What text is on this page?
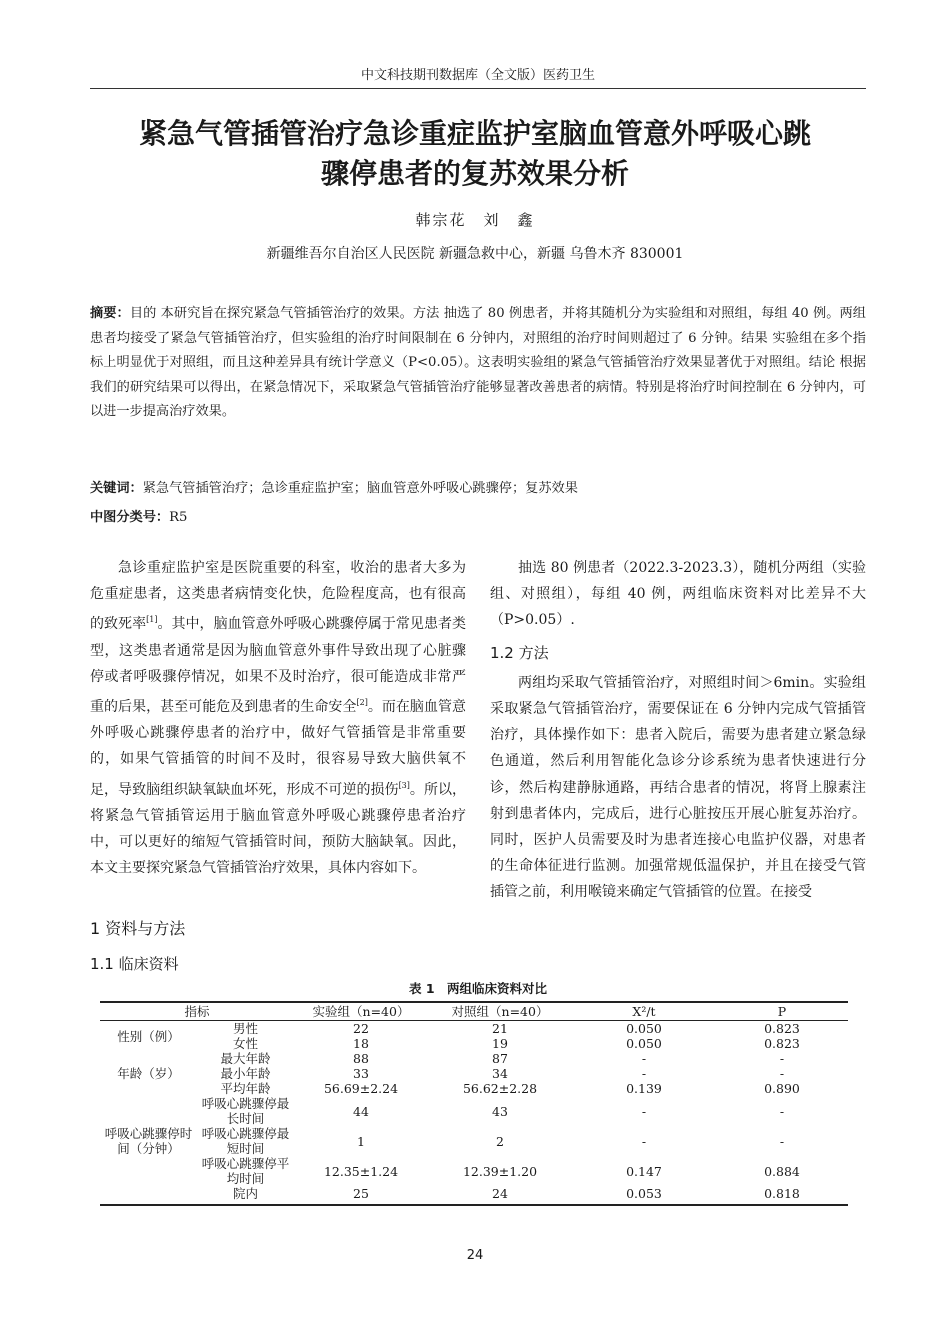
中文科技期刊数据库（全文版）医药卫生
紧急气管插管治疗急诊重症监护室脑血管意外呼吸心跳
骤停患者的复苏效果分析
韩宗花　刘　鑫
新疆维吾尔自治区人民医院 新疆急救中心，新疆 乌鲁木齐 830001
摘要：目的 本研究旨在探究紧急气管插管治疗的效果。方法 抽选了 80 例患者，并将其随机分为实验组和对照组，每组 40 例。两组患者均接受了紧急气管插管治疗，但实验组的治疗时间限制在 6 分钟内，对照组的治疗时间则超过了 6 分钟。结果 实验组在多个指标上明显优于对照组，而且这种差异具有统计学意义（P<0.05）。这表明实验组的紧急气管插管治疗效果显著优于对照组。结论 根据我们的研究结果可以得出，在紧急情况下，采取紧急气管插管治疗能够显著改善患者的病情。特别是将治疗时间控制在 6 分钟内，可以进一步提高治疗效果。
关键词：紧急气管插管治疗；急诊重症监护室；脑血管意外呼吸心跳骤停；复苏效果
中图分类号：R5

急诊重症监护室是医院重要的科室，收治的患者大多为危重症患者，这类患者病情变化快，危险程度高，也有很高的致死率[1]。其中，脑血管意外呼吸心跳骤停属于常见患者类型，这类患者通常是因为脑血管意外事件导致出现了心脏骤停或者呼吸骤停情况，如果不及时治疗，很可能造成非常严重的后果，甚至可能危及到患者的生命安全[2]。而在脑血管意外呼吸心跳骤停患者的治疗中，做好气管插管是非常重要的，如果气管插管的时间不及时，很容易导致大脑供氧不足，导致脑组织缺氧缺血坏死，形成不可逆的损伤[3]。所以，将紧急气管插管运用于脑血管意外呼吸心跳骤停患者治疗中，可以更好的缩短气管插管时间，预防大脑缺氧。因此，本文主要探究紧急气管插管治疗效果，具体内容如下。

1 资料与方法
1.1 临床资料

抽选 80 例患者（2022.3-2023.3），随机分两组（实验组、对照组），每组 40 例，两组临床资料对比差异不大（P>0.05）.

1.2 方法

两组均采取气管插管治疗，对照组时间＞6min。实验组采取紧急气管插管治疗，需要保证在 6 分钟内完成气管插管治疗，具体操作如下：患者入院后，需要为患者建立紧急绿色通道，然后利用智能化急诊分诊系统为患者快速进行分诊，然后构建静脉通路，再结合患者的情况，将肾上腺素注射到患者体内，完成后，进行心脏按压开展心脏复苏治疗。同时，医护人员需要及时为患者连接心电监护仪器，对患者的生命体征进行监测。加强常规低温保护，并且在接受气管插管之前，利用喉镜来确定气管插管的位置。在接受

表 1　两组临床资料对比
指标		实验组（n=40）	对照组（n=40）	X²/t	P
性别（例）	男性	22	21	0.050	0.823
	女性	18	19	0.050	0.823
年龄（岁）	最大年龄	88	87	-	-
	最小年龄	33	34	-	-
	平均年龄	56.69±2.24	56.62±2.28	0.139	0.890
呼吸心跳骤停时间（分钟）	呼吸心跳骤停最长时间	44	43	-	-
	呼吸心跳骤停最短时间	1	2	-	-
	呼吸心跳骤停平均时间	12.35±1.24	12.39±1.20	0.147	0.884
	院内	25	24	0.053	0.818
24
